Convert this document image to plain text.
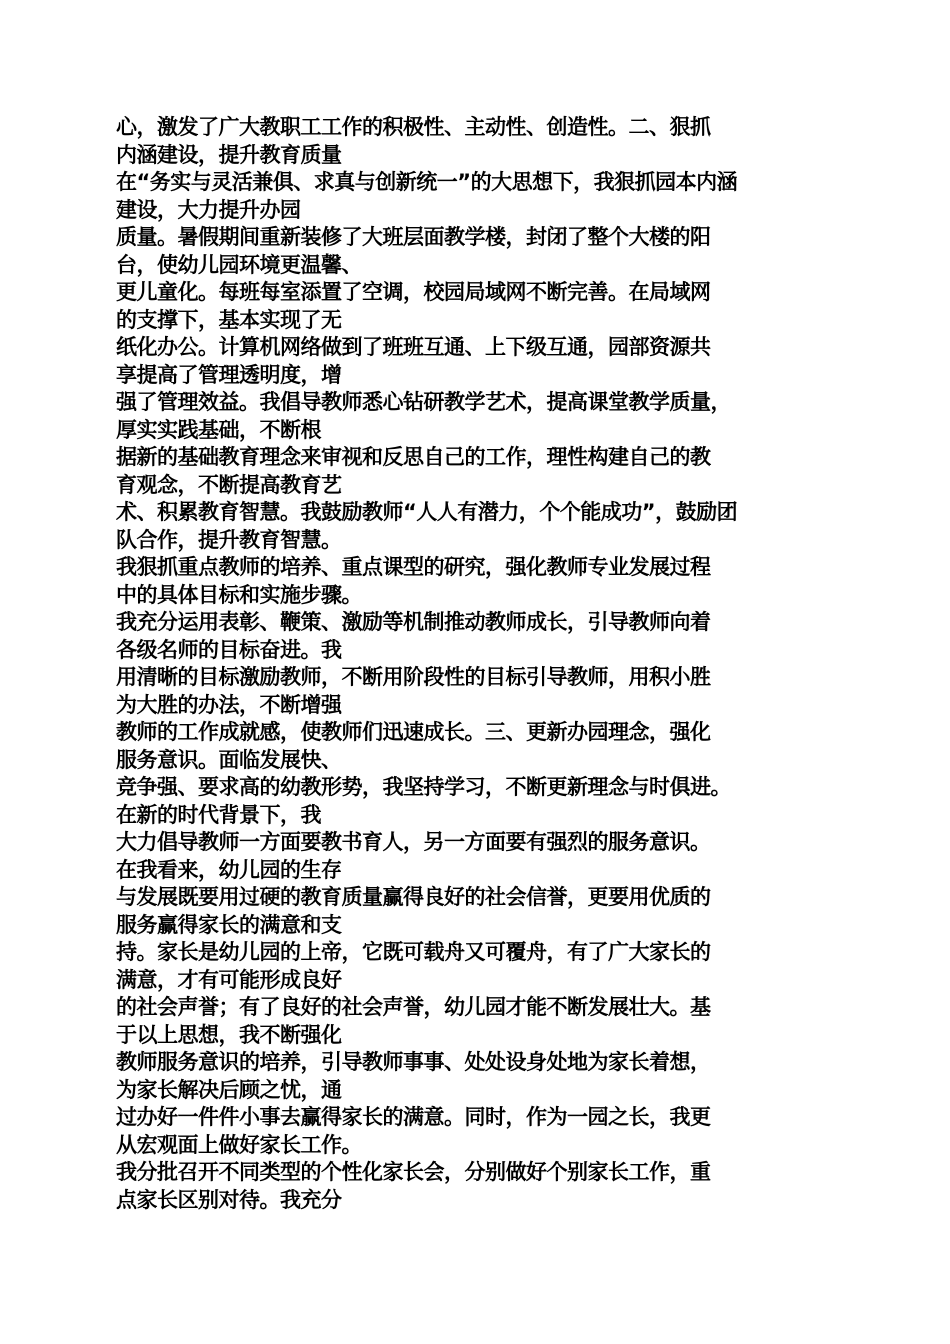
心，激发了广大教职工工作的积极性、主动性、创造性。二、狠抓
内涵建设，提升教育质量

在“务实与灵活兼俱、求真与创新统一”的大思想下，我狠抓园本内涵
建设，大力提升办园

质量。暑假期间重新装修了大班层面教学楼，封闭了整个大楼的阳
台，使幼儿园环境更温馨、

更儿童化。每班每室添置了空调，校园局域网不断完善。在局域网
的支撑下，基本实现了无

纸化办公。计算机网络做到了班班互通、上下级互通，园部资源共
享提高了管理透明度，增

强了管理效益。我倡导教师悉心钻研教学艺术，提高课堂教学质量，
厚实实践基础，不断根

据新的基础教育理念来审视和反思自己的工作，理性构建自己的教
育观念，不断提高教育艺

术、积累教育智慧。我鼓励教师“人人有潜力，个个能成功”，鼓励团
队合作，提升教育智慧。

我狠抓重点教师的培养、重点课型的研究，强化教师专业发展过程
中的具体目标和实施步骤。

我充分运用表彰、鞭策、激励等机制推动教师成长，引导教师向着
各级名师的目标奋进。我

用清晰的目标激励教师，不断用阶段性的目标引导教师，用积小胜
为大胜的办法，不断增强

教师的工作成就感，使教师们迅速成长。三、更新办园理念，强化
服务意识。面临发展快、

竞争强、要求高的幼教形势，我坚持学习，不断更新理念与时俱进。
在新的时代背景下，我

大力倡导教师一方面要教书育人，另一方面要有强烈的服务意识。
在我看来，幼儿园的生存

与发展既要用过硬的教育质量赢得良好的社会信誉，更要用优质的
服务赢得家长的满意和支

持。家长是幼儿园的上帝，它既可载舟又可覆舟，有了广大家长的
满意，才有可能形成良好

的社会声誉；有了良好的社会声誉，幼儿园才能不断发展壮大。基
于以上思想，我不断强化

教师服务意识的培养，引导教师事事、处处设身处地为家长着想，
为家长解决后顾之忧，通

过办好一件件小事去赢得家长的满意。同时，作为一园之长，我更
从宏观面上做好家长工作。

我分批召开不同类型的个性化家长会，分别做好个别家长工作，重
点家长区别对待。我充分
